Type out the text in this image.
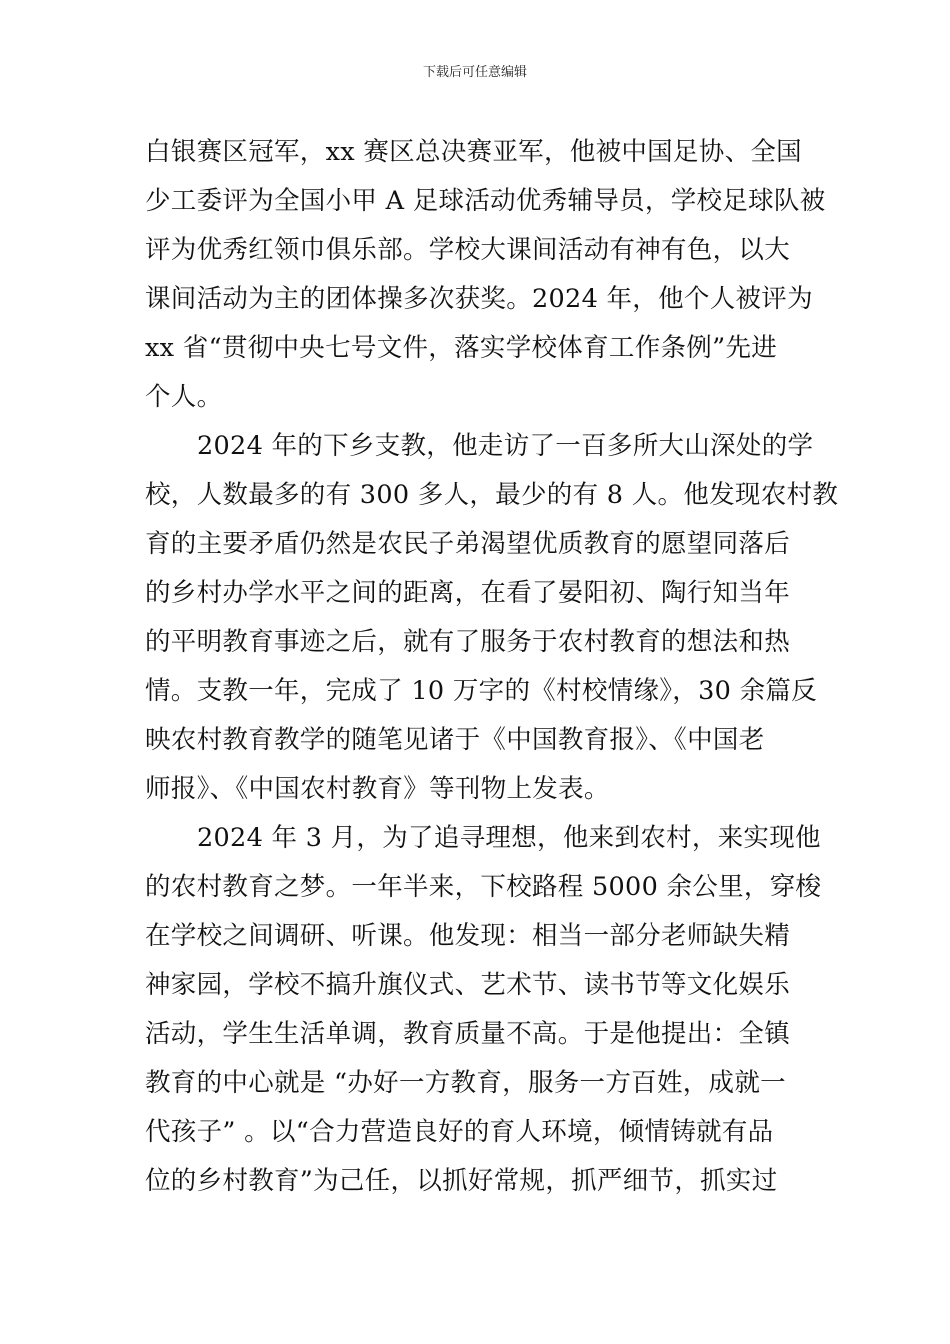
下载后可任意编辑
白银赛区冠军，xx 赛区总决赛亚军，他被中国足协、全国
少工委评为全国小甲 A 足球活动优秀辅导员，学校足球队被
评为优秀红领巾俱乐部。学校大课间活动有神有色，以大
课间活动为主的团体操多次获奖。2024 年，他个人被评为
xx 省“贯彻中央七号文件，落实学校体育工作条例”先进
个人。
2024 年的下乡支教，他走访了一百多所大山深处的学
校，人数最多的有 300 多人，最少的有 8 人。他发现农村教
育的主要矛盾仍然是农民子弟渴望优质教育的愿望同落后
的乡村办学水平之间的距离，在看了晏阳初、陶行知当年
的平明教育事迹之后，就有了服务于农村教育的想法和热
情。支教一年，完成了 10 万字的《村校情缘》，30 余篇反
映农村教育教学的随笔见诸于《中国教育报》、《中国老
师报》、《中国农村教育》等刊物上发表。
2024 年 3 月，为了追寻理想，他来到农村，来实现他
的农村教育之梦。一年半来，下校路程 5000 余公里，穿梭
在学校之间调研、听课。他发现：相当一部分老师缺失精
神家园，学校不搞升旗仪式、艺术节、读书节等文化娱乐
活动，学生生活单调，教育质量不高。于是他提出：全镇
教育的中心就是 “办好一方教育，服务一方百姓，成就一
代孩子” 。以“合力营造良好的育人环境，倾情铸就有品
位的乡村教育”为己任，以抓好常规，抓严细节，抓实过
